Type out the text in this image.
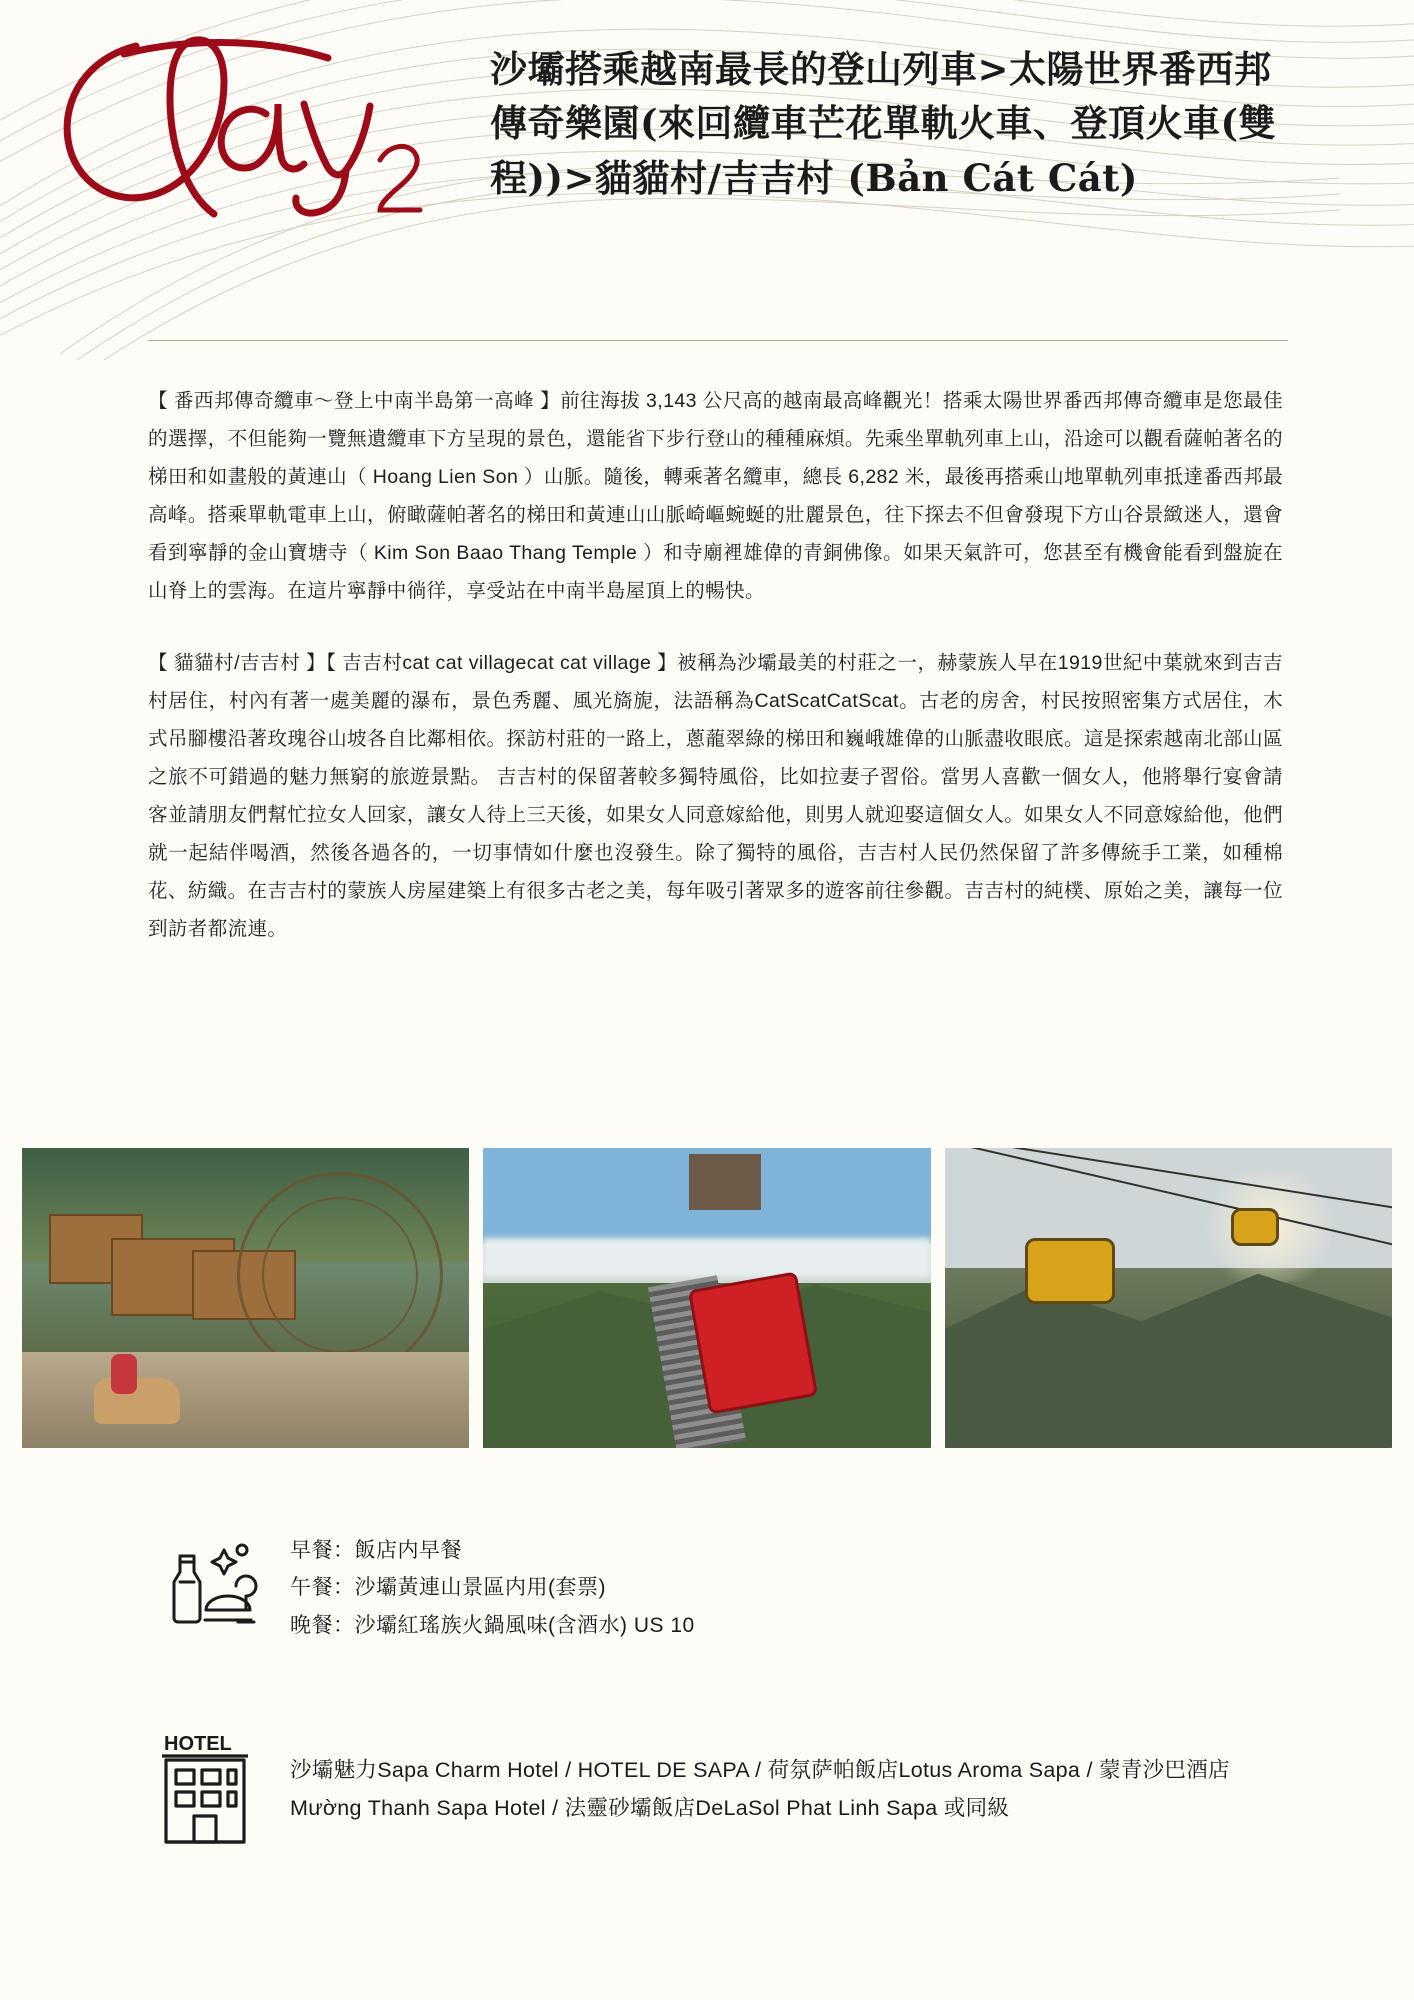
沙壩搭乘越南最長的登山列車>太陽世界番西邦傳奇樂園(來回纜車芒花單軌火車、登頂火車(雙程))>貓貓村/吉吉村 (Bản Cát Cát)

【 番西邦傳奇纜車～登上中南半島第一高峰 】前往海拔 3,143 公尺高的越南最高峰觀光！搭乘太陽世界番西邦傳奇纜車是您最佳的選擇，不但能夠一覽無遺纜車下方呈現的景色，還能省下步行登山的種種麻煩。先乘坐單軌列車上山，沿途可以觀看薩帕著名的梯田和如畫般的黃連山（ Hoang Lien Son ）山脈。隨後，轉乘著名纜車，總長 6,282 米，最後再搭乘山地單軌列車抵達番西邦最高峰。搭乘單軌電車上山，俯瞰薩帕著名的梯田和黃連山山脈崎嶇蜿蜒的壯麗景色，往下探去不但會發現下方山谷景緻迷人，還會看到寧靜的金山寶塘寺（ Kim Son Baao Thang Temple ）和寺廟裡雄偉的青銅佛像。如果天氣許可，您甚至有機會能看到盤旋在山脊上的雲海。在這片寧靜中徜徉，享受站在中南半島屋頂上的暢快。

【 貓貓村/吉吉村 】【 吉吉村cat cat villagecat cat village 】被稱為沙壩最美的村莊之一，赫蒙族人早在1919世紀中葉就來到吉吉村居住，村內有著一處美麗的瀑布，景色秀麗、風光旖旎，法語稱為CatScatCatScat。古老的房舍，村民按照密集方式居住，木式吊腳樓沿著玫瑰谷山坡各自比鄰相依。探訪村莊的一路上，蔥蘢翠綠的梯田和巍峨雄偉的山脈盡收眼底。這是探索越南北部山區之旅不可錯過的魅力無窮的旅遊景點。 吉吉村的保留著較多獨特風俗，比如拉妻子習俗。當男人喜歡一個女人，他將舉行宴會請客並請朋友們幫忙拉女人回家，讓女人待上三天後，如果女人同意嫁給他，則男人就迎娶這個女人。如果女人不同意嫁給他，他們就一起結伴喝酒，然後各過各的，一切事情如什麼也沒發生。除了獨特的風俗，吉吉村人民仍然保留了許多傳統手工業，如種棉花、紡織。在吉吉村的蒙族人房屋建築上有很多古老之美，每年吸引著眾多的遊客前往參觀。吉吉村的純樸、原始之美，讓每一位到訪者都流連。

早餐：飯店内早餐
午餐：沙壩黃連山景區内用(套票)
晚餐：沙壩紅瑤族火鍋風味(含酒水) US 10
HOTEL
沙壩魅力Sapa Charm Hotel / HOTEL DE SAPA / 荷氛萨帕飯店Lotus Aroma Sapa / 蒙青沙巴酒店Mường Thanh Sapa Hotel / 法靈砂壩飯店DeLaSol Phat Linh Sapa 或同級
